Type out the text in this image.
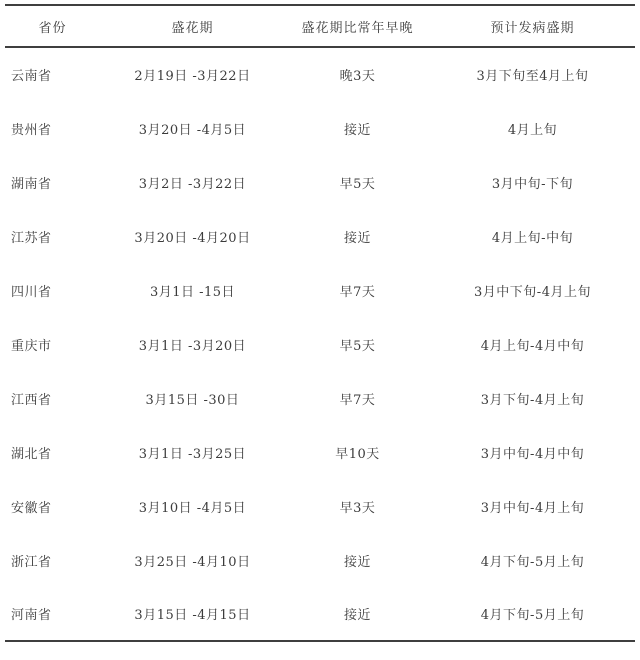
省份	盛花期	盛花期比常年早晚	预计发病盛期
云南省	2月19日 -3月22日	晚3天	3月下旬至4月上旬
贵州省	3月20日 -4月5日	接近	4月上旬
湖南省	3月2日 -3月22日	早5天	3月中旬-下旬
江苏省	3月20日 -4月20日	接近	4月上旬-中旬
四川省	3月1日 -15日	早7天	3月中下旬-4月上旬
重庆市	3月1日 -3月20日	早5天	4月上旬-4月中旬
江西省	3月15日 -30日	早7天	3月下旬-4月上旬
湖北省	3月1日 -3月25日	早10天	3月中旬-4月中旬
安徽省	3月10日 -4月5日	早3天	3月中旬-4月上旬
浙江省	3月25日 -4月10日	接近	4月下旬-5月上旬
河南省	3月15日 -4月15日	接近	4月下旬-5月上旬
